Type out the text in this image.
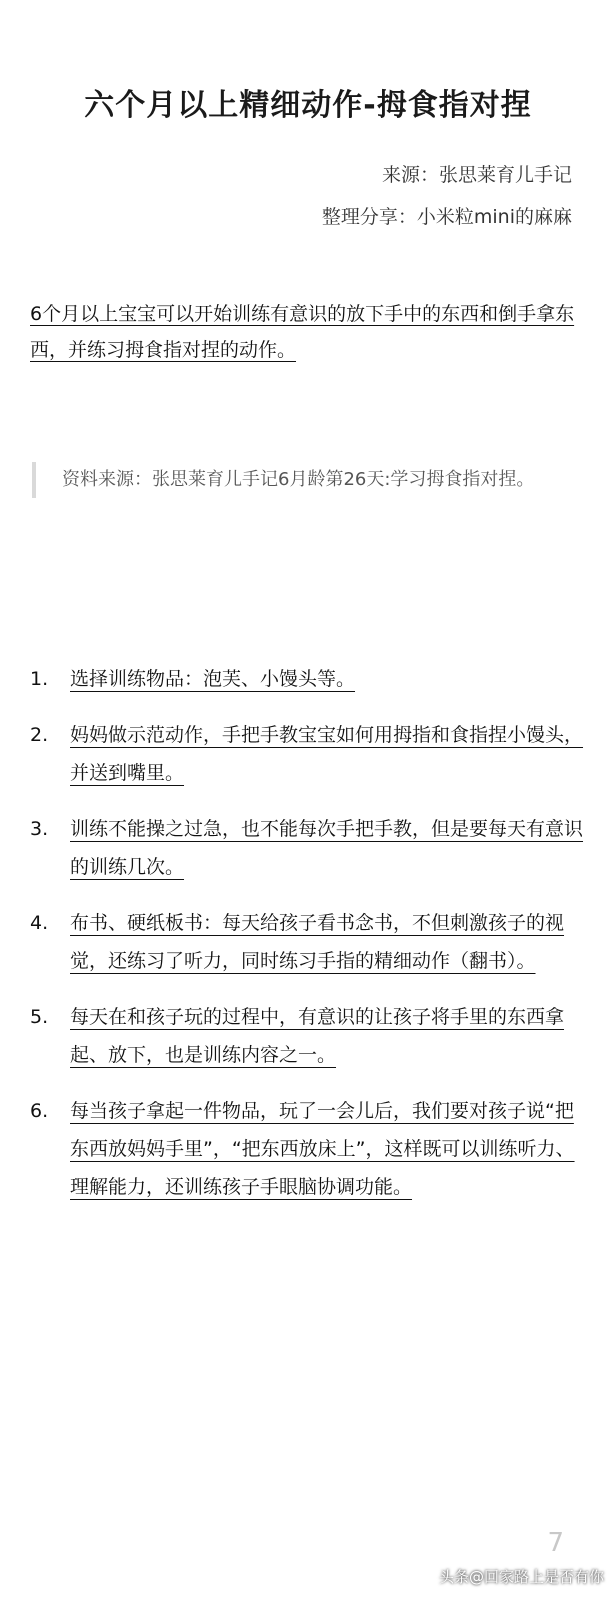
六个月以上精细动作-拇食指对捏
来源：张思莱育儿手记
整理分享：小米粒mini的麻麻
6个月以上宝宝可以开始训练有意识的放下手中的东西和倒手拿东西，并练习拇食指对捏的动作。
资料来源：张思莱育儿手记6月龄第26天:学习拇食指对捏。
1.	选择训练物品：泡芙、小馒头等。
2.	妈妈做示范动作，手把手教宝宝如何用拇指和食指捏小馒头，并送到嘴里。
3.	训练不能操之过急，也不能每次手把手教，但是要每天有意识的训练几次。
4.	布书、硬纸板书：每天给孩子看书念书，不但刺激孩子的视觉，还练习了听力，同时练习手指的精细动作（翻书）。
5.	每天在和孩子玩的过程中，有意识的让孩子将手里的东西拿起、放下，也是训练内容之一。
6.	每当孩子拿起一件物品，玩了一会儿后，我们要对孩子说“把东西放妈妈手里”，“把东西放床上”，这样既可以训练听力、理解能力，还训练孩子手眼脑协调功能。
7
头条@回家路上是否有你
